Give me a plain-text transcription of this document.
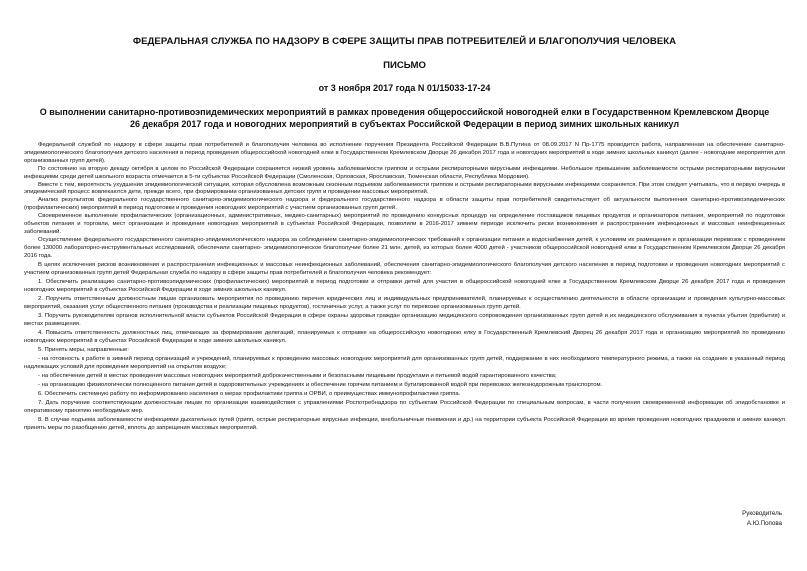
ФЕДЕРАЛЬНАЯ СЛУЖБА ПО НАДЗОРУ В СФЕРЕ ЗАЩИТЫ ПРАВ ПОТРЕБИТЕЛЕЙ И БЛАГОПОЛУЧИЯ ЧЕЛОВЕКА
ПИСЬМО
от 3 ноября 2017 года N 01/15033-17-24
О выполнении санитарно-противоэпидемических мероприятий в рамках проведения общероссийской новогодней елки в Государственном Кремлевском Дворце
26 декабря 2017 года и новогодних мероприятий в субъектах Российской Федерации в период зимних школьных каникул

Федеральной службой по надзору в сфере защиты прав потребителей и благополучия человека во исполнение поручения Президента Российской Федерации В.В.Путина от 08.09.2017 N Пр-1775 проводится работа, направленная на обеспечение санитарно-эпидемиологического благополучия детского населения в период проведения общероссийской новогодней елки в Государственном Кремлевском Дворце 26 декабря 2017 года и новогодних мероприятий в ходе зимних школьных каникул (далее - новогодние мероприятия для организованных групп детей).

По состоянию на вторую декаду октября в целом по Российской Федерации сохраняется низкий уровень заболеваемости гриппом и острыми респираторными вирусными инфекциями. Небольшое превышение заболеваемости острыми респираторными вирусными инфекциями среди детей школьного возраста отмечается в 5-ти субъектах Российской Федерации (Смоленская, Орловская, Ярославская, Тюменская области, Республика Мордовия).

Вместе с тем, вероятность ухудшения эпидемиологической ситуации, которая обусловлена возможным сезонным подъемом заболеваемости гриппом и острыми респираторными вирусными инфекциями сохраняется. При этом следует учитывать, что в первую очередь в эпидемический процесс вовлекаются дети, прежде всего, при формировании организованных детских групп и проведении массовых мероприятий.

Анализ результатов федерального государственного санитарно-эпидемиологического надзора и федерального государственного надзора в области защиты прав потребителей свидетельствует об актуальности выполнения санитарно-противоэпидемических (профилактических) мероприятий в период подготовки и проведения новогодних мероприятий с участием организованных групп детей.

Своевременное выполнение профилактических (организационных, административных, медико-санитарных) мероприятий по проведению конкурсных процедур на определение поставщиков пищевых продуктов и организаторов питания, мероприятий по подготовке объектов питания и торговли, мест организации и проведения новогодних мероприятий в субъектах Российской Федерации, позволили в 2016-2017 зимнем периоде исключить риски возникновения и распространения инфекционных и массовых неинфекционных заболеваний.

Осуществление федерального государственного санитарно-эпидемиологического надзора за соблюдением санитарно-эпидемиологических требований к организации питания и водоснабжения детей, к условиям их размещения и организации перевозок с проведением более 130000 лабораторно-инструментальных исследований, обеспечили санитарно- эпидемиологическое благополучие более 21 млн. детей, из которых более 4000 детей - участников общероссийской новогодней елки в Государственном Кремлевском Дворце 26 декабря 2016 года.

В целях исключения рисков возникновения и распространения инфекционных и массовых неинфекционных заболеваний, обеспечения санитарно-эпидемиологического благополучия детского населения в период подготовки и проведения новогодних мероприятий с участием организованных групп детей Федеральная служба по надзору в сфере защиты прав потребителей и благополучия человека рекомендует:

1. Обеспечить реализацию санитарно-противоэпидемических (профилактических) мероприятий в период подготовки и отправки детей для участия в общероссийской новогодней елке в Государственном Кремлевском Дворце 26 декабря 2017 года и проведения новогодних мероприятий в субъектах Российской Федерации в ходе зимних школьных каникул.

2. Поручить ответственным должностным лицам организовать мероприятия по проведению перечня юридических лиц и индивидуальных предпринимателей, планируемых к осуществлению деятельности в области организации и проведения культурно-массовых мероприятий, оказания услуг общественного питания (производства и реализации пищевых продуктов), гостиничных услуг, а также услуг по перевозке организованных групп детей.

3. Поручить руководителям органов исполнительной власти субъектов Российской Федерации в сфере охраны здоровья граждан организацию медицинского сопровождения организованных групп детей и их медицинского обслуживания в пунктах убытия (прибытия) и местах размещения.

4. Повысить ответственность должностных лиц, отвечающих за формирование делегаций, планируемых к отправке на общероссийскую новогоднюю елку в Государственный Кремлевский Дворец 26 декабря 2017 года и организацию мероприятий по проведению новогодних мероприятий в субъектах Российской Федерации в ходе зимних школьных каникул.

5. Принять меры, направленные:

- на готовность к работе в зимний период организаций и учреждений, планируемых к проведению массовых новогодних мероприятий для организованных групп детей, поддержание в них необходимого температурного режима, а также на создание в указанный период надлежащих условий для проведения мероприятий на открытом воздухе;

- на обеспечение детей в местах проведения массовых новогодних мероприятий доброкачественными и безопасными пищевыми продуктами и питьевой водой гарантированного качества;

- на организацию физиологически полноценного питания детей в оздоровительных учреждениях и обеспечение горячим питанием и бутилированной водой при перевозках железнодорожным транспортом.

6. Обеспечить системную работу по информированию населения о мерах профилактики гриппа и ОРВИ, о преимуществах иммунопрофилактики гриппа.

7. Дать поручение соответствующим должностным лицам по организации взаимодействия с управлениями Роспотребнадзора по субъектам Российской Федерации по специальным вопросам, в части получения своевременной информации об эпидобстановке и оперативному принятию необходимых мер.

8. В случае подъема заболеваемости инфекциями дыхательных путей (грипп, острые респираторные вирусные инфекции, внебольничные пневмонии и др.) на территории субъекта Российской Федерации во время проведения новогодних праздников и зимних каникул принять меры по разобщению детей, вплоть до запрещения массовых мероприятий.

Руководитель
А.Ю.Попова
